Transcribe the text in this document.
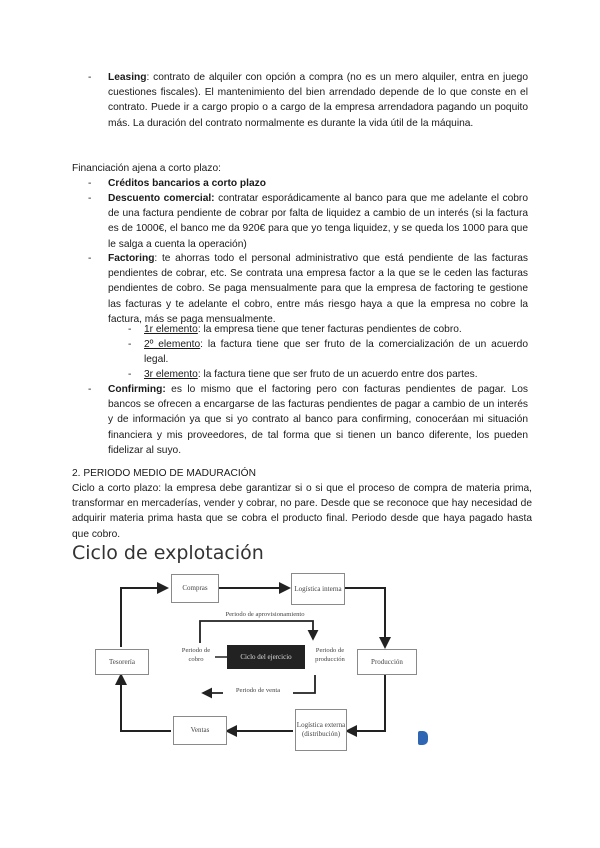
- Leasing: contrato de alquiler con opción a compra (no es un mero alquiler, entra en juego cuestiones fiscales). El mantenimiento del bien arrendado depende de lo que conste en el contrato. Puede ir a cargo propio o a cargo de la empresa arrendadora pagando un poquito más. La duración del contrato normalmente es durante la vida útil de la máquina.

Financiación ajena a corto plazo:

- Créditos bancarios a corto plazo

- Descuento comercial: contratar esporádicamente al banco para que me adelante el cobro de una factura pendiente de cobrar por falta de liquidez a cambio de un interés (si la factura es de 1000€, el banco me da 920€ para que yo tenga liquidez, y se queda los 1000 para que le salga a cuenta la operación)

- Factoring: te ahorras todo el personal administrativo que está pendiente de las facturas pendientes de cobrar, etc. Se contrata una empresa factor a la que se le ceden las facturas pendientes de cobro. Se paga mensualmente para que la empresa de factoring te gestione las facturas y te adelante el cobro, entre más riesgo haya a que la empresa no cobre la factura, más se paga mensualmente.

- 1r elemento: la empresa tiene que tener facturas pendientes de cobro.

- 2º elemento: la factura tiene que ser fruto de la comercialización de un acuerdo legal.

- 3r elemento: la factura tiene que ser fruto de un acuerdo entre dos partes.

- Confirming: es lo mismo que el factoring pero con facturas pendientes de pagar. Los bancos se ofrecen a encargarse de las facturas pendientes de pagar a cambio de un interés y de información ya que si yo contrato al banco para confirming, conoceráan mi situación financiera y mis proveedores, de tal forma que si tienen un banco diferente, los pueden fidelizar al suyo.

2. PERIODO MEDIO DE MADURACIÓN

Ciclo a corto plazo: la empresa debe garantizar si o si que el proceso de compra de materia prima, transformar en mercaderías, vender y cobrar, no pare. Desde que se reconoce que hay necesidad de adquirir materia prima hasta que se cobra el producto final. Periodo desde que haya pagado hasta que cobro.

Ciclo de explotación
Compras	Logística interna
Producción
Logística externa (distribución)
Ventas
Tesorería
Periodo de aprovisionamiento
Periodo de producción
Periodo de venta
Periodo de cobro	Ciclo del ejercicio
